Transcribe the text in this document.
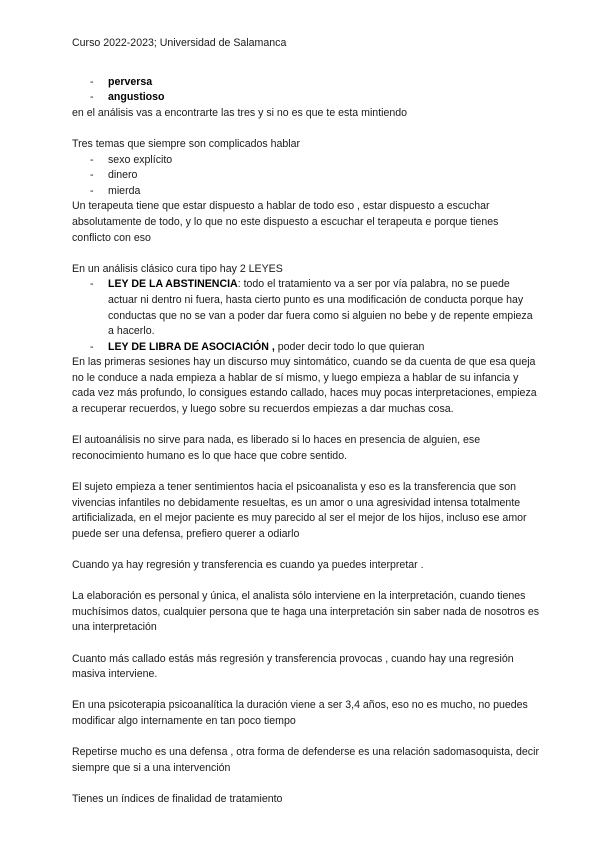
Curso 2022-2023; Universidad de Salamanca

- perversa
- angustioso

en el análisis vas a encontrarte las tres y si no es que te esta mintiendo

Tres temas que siempre son complicados hablar

- sexo explícito
- dinero
- mierda

Un terapeuta tiene que estar dispuesto a hablar de todo eso , estar dispuesto a escuchar absolutamente de todo, y lo que no este dispuesto a escuchar el terapeuta e porque tienes conflicto con eso

En un análisis clásico cura tipo hay 2 LEYES

- LEY DE LA ABSTINENCIA: todo el tratamiento va a ser por vía palabra, no se puede actuar ni dentro ni fuera, hasta cierto punto es una modificación de conducta porque hay conductas que no se van a poder dar fuera como si alguien no bebe y de repente empieza a hacerlo.
- LEY DE LIBRA DE ASOCIACIÓN , poder decir todo lo que quieran

En las primeras sesiones hay un discurso muy sintomático, cuando se da cuenta de que esa queja no le conduce a nada empieza a hablar de sí mismo, y luego empieza a hablar de su infancia y cada vez más profundo, lo consigues estando callado, haces muy pocas interpretaciones, empieza a recuperar recuerdos, y luego sobre su recuerdos empiezas a dar muchas cosa.

El autoanálisis no sirve para nada, es liberado si lo haces en presencia de alguien, ese reconocimiento humano es lo que hace que cobre sentido.

El sujeto empieza a tener sentimientos hacia el psicoanalista y eso es la transferencia que son vivencias infantiles no debidamente resueltas, es un amor o una agresividad intensa totalmente artificializada, en el mejor paciente es muy parecido al ser el mejor de los hijos, incluso ese amor puede ser una defensa, prefiero querer a odiarlo

Cuando ya hay regresión y transferencia es cuando ya puedes interpretar .

La elaboración es personal y única, el analista sólo interviene en la interpretación, cuando tienes muchísimos datos, cualquier persona que te haga una interpretación sin saber nada de nosotros es una interpretación

Cuanto más callado estás más regresión y transferencia provocas , cuando hay una regresión masiva interviene.

En una psicoterapia psicoanalítica la duración viene a ser 3,4 años, eso no es mucho, no puedes modificar algo internamente en tan poco tiempo

Repetirse mucho es una defensa , otra forma de defenderse es una relación sadomasoquista, decir siempre que si a una intervención

Tienes un índices de finalidad de tratamiento
